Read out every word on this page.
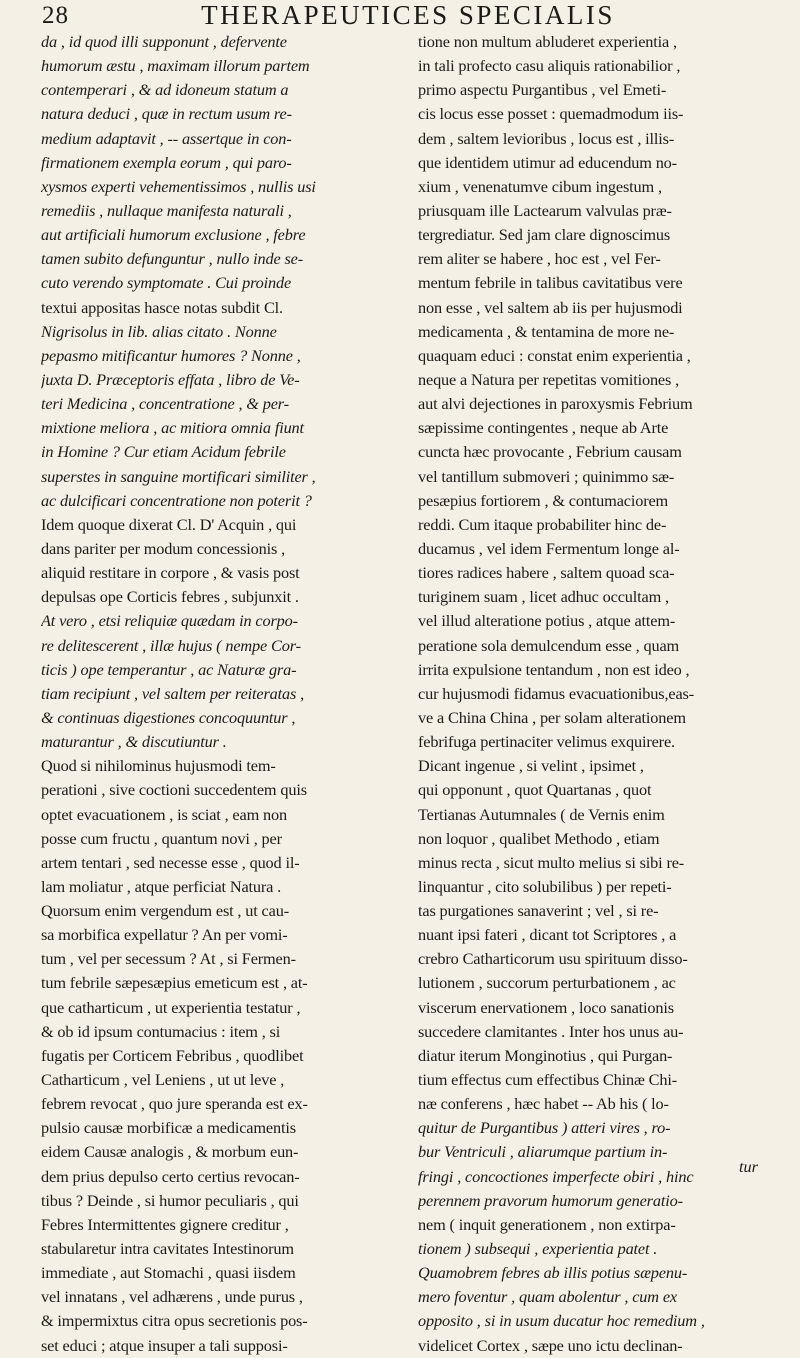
28	THERAPEUTICES SPECIALIS
da , id quod illi supponunt , defervente
humorum æstu , maximam illorum partem
contemperari , & ad idoneum statum a
natura deduci , quæ in rectum usum re-
medium adaptavit , -- assertque in con-
firmationem exempla eorum , qui paro-
xysmos experti vehementissimos , nullis usi
remediis , nullaque manifesta naturali ,
aut artificiali humorum exclusione , febre
tamen subito defunguntur , nullo inde se-
cuto verendo symptomate . Cui proinde
textui appositas hasce notas subdit Cl.
Nigrisolus in lib. alias citato . Nonne
pepasmo mitificantur humores ? Nonne ,
juxta D. Præceptoris effata , libro de Ve-
teri Medicina , concentratione , & per-
mixtione meliora , ac mitiora omnia fiunt
in Homine ? Cur etiam Acidum febrile
superstes in sanguine mortificari similiter ,
ac dulcificari concentratione non poterit ?
Idem quoque dixerat Cl. D' Acquin , qui
dans pariter per modum concessionis ,
aliquid restitare in corpore , & vasis post
depulsas ope Corticis febres , subjunxit .
At vero , etsi reliquiæ quædam in corpo-
re delitescerent , illæ hujus ( nempe Cor-
ticis ) ope temperantur , ac Naturæ gra-
tiam recipiunt , vel saltem per reiteratas ,
& continuas digestiones concoquuntur ,
maturantur , & discutiuntur .
Quod si nihilominus hujusmodi tem-
perationi , sive coctioni succedentem quis
optet evacuationem , is sciat , eam non
posse cum fructu , quantum novi , per
artem tentari , sed necesse esse , quod il-
lam moliatur , atque perficiat Natura .
Quorsum enim vergendum est , ut cau-
sa morbifica expellatur ? An per vomi-
tum , vel per secessum ? At , si Fermen-
tum febrile sæpesæpius emeticum est , at-
que catharticum , ut experientia testatur ,
& ob id ipsum contumacius : item , si
fugatis per Corticem Febribus , quodlibet
Catharticum , vel Leniens , ut ut leve ,
febrem revocat , quo jure speranda est ex-
pulsio causæ morbificæ a medicamentis
eidem Causæ analogis , & morbum eun-
dem prius depulso certo certius revocan-
tibus ? Deinde , si humor peculiaris , qui
Febres Intermittentes gignere creditur ,
stabularetur intra cavitates Intestinorum
immediate , aut Stomachi , quasi iisdem
vel innatans , vel adhærens , unde purus ,
& impermixtus citra opus secretionis pos-
set educi ; atque insuper a tali supposi-
tione non multum abluderet experientia ,
in tali profecto casu aliquis rationabilior ,
primo aspectu Purgantibus , vel Emeti-
cis locus esse posset : quemadmodum iis-
dem , saltem levioribus , locus est , illis-
que identidem utimur ad educendum no-
xium , venenatumve cibum ingestum ,
priusquam ille Lactearum valvulas præ-
tergrediatur. Sed jam clare dignoscimus
rem aliter se habere , hoc est , vel Fer-
mentum febrile in talibus cavitatibus vere
non esse , vel saltem ab iis per hujusmodi
medicamenta , & tentamina de more ne-
quaquam educi : constat enim experientia ,
neque a Natura per repetitas vomitiones ,
aut alvi dejectiones in paroxysmis Febrium
sæpissime contingentes , neque ab Arte
cuncta hæc provocante , Febrium causam
vel tantillum submoveri ; quinimmo sæ-
pesæpius fortiorem , & contumaciorem
reddi. Cum itaque probabiliter hinc de-
ducamus , vel idem Fermentum longe al-
tiores radices habere , saltem quoad sca-
turiginem suam , licet adhuc occultam ,
vel illud alteratione potius , atque attem-
peratione sola demulcendum esse , quam
irrita expulsione tentandum , non est ideo ,
cur hujusmodi fidamus evacuationibus,eas-
ve a China China , per solam alterationem
febrifuga pertinaciter velimus exquirere.
Dicant ingenue , si velint , ipsimet ,
qui opponunt , quot Quartanas , quot
Tertianas Autumnales ( de Vernis enim
non loquor , qualibet Methodo , etiam
minus recta , sicut multo melius si sibi re-
linquantur , cito solubilibus ) per repeti-
tas purgationes sanaverint ; vel , si re-
nuant ipsi fateri , dicant tot Scriptores , a
crebro Catharticorum usu spirituum disso-
lutionem , succorum perturbationem , ac
viscerum enervationem , loco sanationis
succedere clamitantes . Inter hos unus au-
diatur iterum Monginotius , qui Purgan-
tium effectus cum effectibus Chinæ Chi-
næ conferens , hæc habet -- Ab his ( lo-
quitur de Purgantibus ) atteri vires , ro-
bur Ventriculi , aliarumque partium in-
fringi , concoctiones imperfecte obiri , hinc
perennem pravorum humorum generatio-
nem ( inquit generationem , non extirpa-
tionem ) subsequi , experientia patet .
Quamobrem febres ab illis potius sæpenu-
mero foventur , quam abolentur , cum ex
opposito , si in usum ducatur hoc remedium ,
videlicet Cortex , sæpe uno ictu declinan-
tur
